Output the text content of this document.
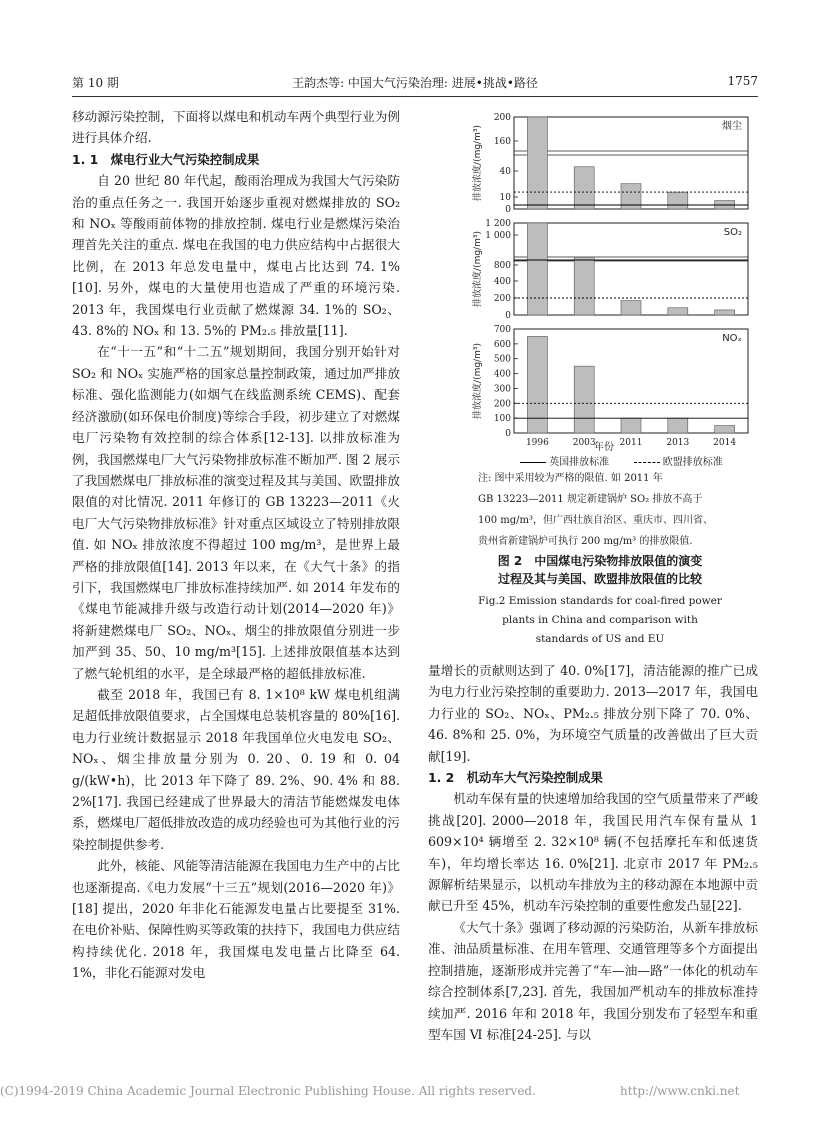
第 10 期	王韵杰等: 中国大气污染治理: 进展•挑战•路径	1757

移动源污染控制，下面将以煤电和机动车两个典型行业为例进行具体介绍.

1. 1　煤电行业大气污染控制成果

自 20 世纪 80 年代起，酸雨治理成为我国大气污染防治的重点任务之一. 我国开始逐步重视对燃煤排放的 SO₂ 和 NOₓ 等酸雨前体物的排放控制. 煤电行业是燃煤污染治理首先关注的重点. 煤电在我国的电力供应结构中占据很大比例，在 2013 年总发电量中，煤电占比达到 74. 1%[10]. 另外，煤电的大量使用也造成了严重的环境污染. 2013 年，我国煤电行业贡献了燃煤源 34. 1%的 SO₂、43. 8%的 NOₓ 和 13. 5%的 PM₂.₅ 排放量[11].

在“十一五”和“十二五”规划期间，我国分别开始针对 SO₂ 和 NOₓ 实施严格的国家总量控制政策，通过加严排放标准、强化监测能力(如烟气在线监测系统 CEMS)、配套经济激励(如环保电价制度)等综合手段，初步建立了对燃煤电厂污染物有效控制的综合体系[12-13]. 以排放标准为例，我国燃煤电厂大气污染物排放标准不断加严. 图 2 展示了我国燃煤电厂排放标准的演变过程及其与美国、欧盟排放限值的对比情况. 2011 年修订的 GB 13223—2011《火电厂大气污染物排放标准》针对重点区域设立了特别排放限值. 如 NOₓ 排放浓度不得超过 100 mg/m³，是世界上最严格的排放限值[14]. 2013 年以来，在《大气十条》的指引下，我国燃煤电厂排放标准持续加严. 如 2014 年发布的《煤电节能减排升级与改造行动计划(2014—2020 年)》将新建燃煤电厂 SO₂、NOₓ、烟尘的排放限值分别进一步加严到 35、50、10 mg/m³[15]. 上述排放限值基本达到了燃气轮机组的水平，是全球最严格的超低排放标准.

截至 2018 年，我国已有 8. 1×10⁸ kW 煤电机组满足超低排放限值要求，占全国煤电总装机容量的 80%[16]. 电力行业统计数据显示 2018 年我国单位火电发电 SO₂、NOₓ、烟尘排放量分别为 0. 20、0. 19 和 0. 04 g/(kW•h)，比 2013 年下降了 89. 2%、90. 4% 和 88. 2%[17]. 我国已经建成了世界最大的清洁节能燃煤发电体系，燃煤电厂超低排放改造的成功经验也可为其他行业的污染控制提供参考.

此外，核能、风能等清洁能源在我国电力生产中的占比也逐渐提高.《电力发展“十三五”规划(2016—2020 年)》[18] 提出，2020 年非化石能源发电量占比要提至 31%. 在电价补贴、保障性购买等政策的扶持下，我国电力供应结构持续优化. 2018 年，我国煤电发电量占比降至 64. 1%，非化石能源对发电

量增长的贡献则达到了 40. 0%[17]，清洁能源的推广已成为电力行业污染控制的重要助力. 2013—2017 年，我国电力行业的 SO₂、NOₓ、PM₂.₅ 排放分别下降了 70. 0%、46. 8%和 25. 0%，为环境空气质量的改善做出了巨大贡献[19].

1. 2　机动车大气污染控制成果

机动车保有量的快速增加给我国的空气质量带来了严峻挑战[20]. 2000—2018 年，我国民用汽车保有量从 1 609×10⁴ 辆增至 2. 32×10⁸ 辆(不包括摩托车和低速货车)，年均增长率达 16. 0%[21]. 北京市 2017 年 PM₂.₅ 源解析结果显示，以机动车排放为主的移动源在本地源中贡献已升至 45%，机动车污染控制的重要性愈发凸显[22].

《大气十条》强调了移动源的污染防治，从新车排放标准、油品质量标准、在用车管理、交通管理等多个方面提出控制措施，逐渐形成并完善了“车—油—路”一体化的机动车综合控制体系[7,23]. 首先，我国加严机动车的排放标准持续加严. 2016 年和 2018 年，我国分别发布了轻型车和重型车国 Ⅵ 标准[24-25]. 与以

200
160
40
10
0
烟尘
排放浓度/(mg/m³)
1 200
1 000
800
400
200
0
SO₂
排放浓度/(mg/m³)
700
600
500
400
300
200
100
0
NOₓ
排放浓度/(mg/m³)
1996	2003	2011	2013	2014
年份
英国排放标准	欧盟排放标准
注: 图中采用较为严格的限值. 如 2011 年
GB 13223—2011 规定新建锅炉 SO₂ 排放不高于
100 mg/m³，但广西壮族自治区、重庆市、四川省、
贵州省新建锅炉可执行 200 mg/m³ 的排放限值.
图 2　中国煤电污染物排放限值的演变
过程及其与美国、欧盟排放限值的比较
Fig.2 Emission standards for coal-fired power
plants in China and comparison with
standards of US and EU
(C)1994-2019 China Academic Journal Electronic Publishing House. All rights reserved.	http://www.cnki.net
